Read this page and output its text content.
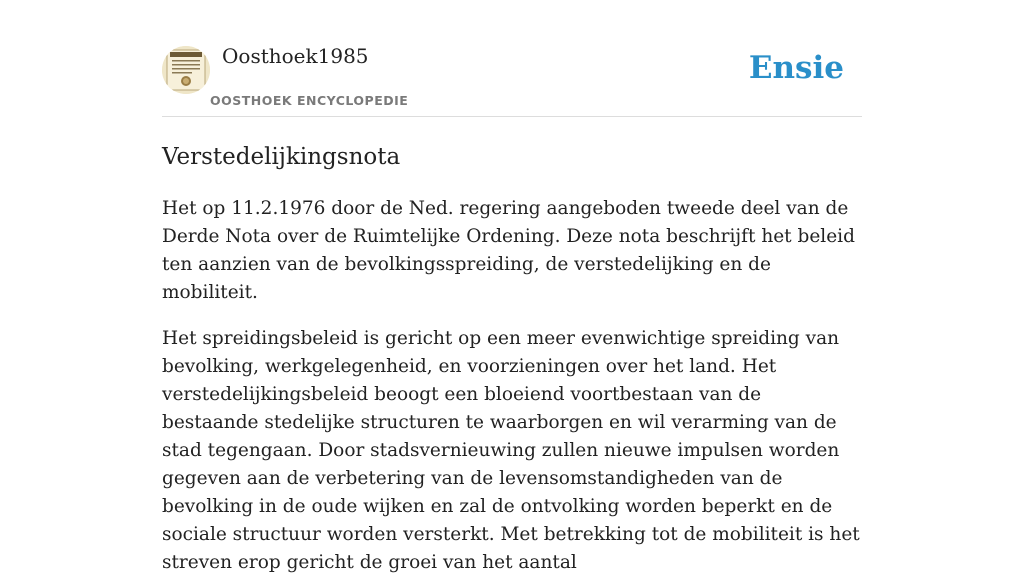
Oosthoek1985
OOSTHOEK ENCYCLOPEDIE
Ensie
Verstedelijkingsnota

Het op 11.2.1976 door de Ned. regering aangeboden tweede deel van de Derde Nota over de Ruimtelijke Ordening. Deze nota beschrijft het beleid ten aanzien van de bevolkingsspreiding, de verstedelijking en de mobiliteit.

Het spreidingsbeleid is gericht op een meer evenwichtige spreiding van bevolking, werkgelegenheid, en voorzieningen over het land. Het verstedelijkingsbeleid beoogt een bloeiend voortbestaan van de bestaande stedelijke structuren te waarborgen en wil verarming van de stad tegengaan. Door stadsvernieuwing zullen nieuwe impulsen worden gegeven aan de verbetering van de levensomstandigheden van de bevolking in de oude wijken en zal de ontvolking worden beperkt en de sociale structuur worden versterkt. Met betrekking tot de mobiliteit is het streven erop gericht de groei van het aantal
